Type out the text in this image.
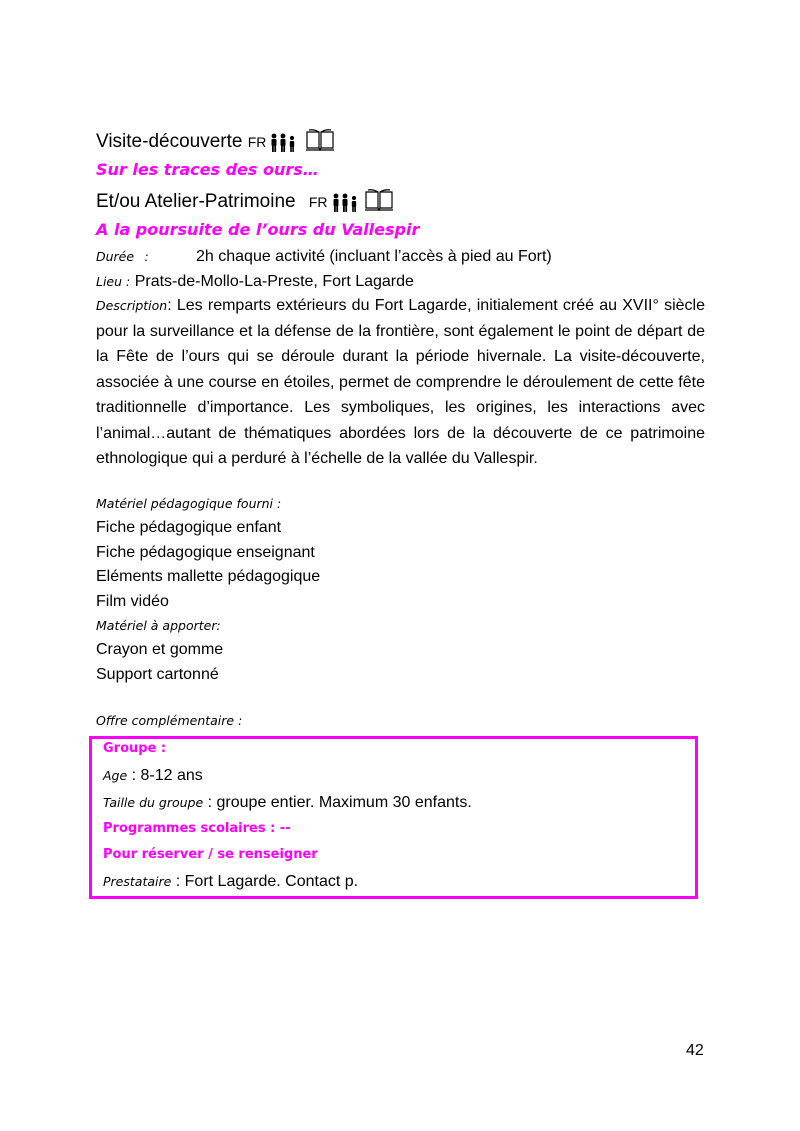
Visite-découverte FR
Sur les traces des ours…
Et/ou Atelier-Patrimoine FR
A la poursuite de l’ours du Vallespir
Durée :	2h chaque activité (incluant l’accès à pied au Fort)
Lieu : Prats-de-Mollo-La-Preste, Fort Lagarde
Description: Les remparts extérieurs du Fort Lagarde, initialement créé au XVII° siècle pour la surveillance et la défense de la frontière, sont également le point de départ de la Fête de l’ours qui se déroule durant la période hivernale. La visite-découverte, associée à une course en étoiles, permet de comprendre le déroulement de cette fête traditionnelle d’importance. Les symboliques, les origines, les interactions avec l’animal…autant de thématiques abordées lors de la découverte de ce patrimoine ethnologique qui a perduré à l’échelle de la vallée du Vallespir.
Matériel pédagogique fourni :
Fiche pédagogique enfant
Fiche pédagogique enseignant
Eléments mallette pédagogique
Film vidéo
Matériel à apporter:
Crayon et gomme
Support cartonné
Offre complémentaire :
Groupe :
Age : 8-12 ans
Taille du groupe : groupe entier. Maximum 30 enfants.
Programmes scolaires : --
Pour réserver / se renseigner
Prestataire : Fort Lagarde. Contact p.
42
